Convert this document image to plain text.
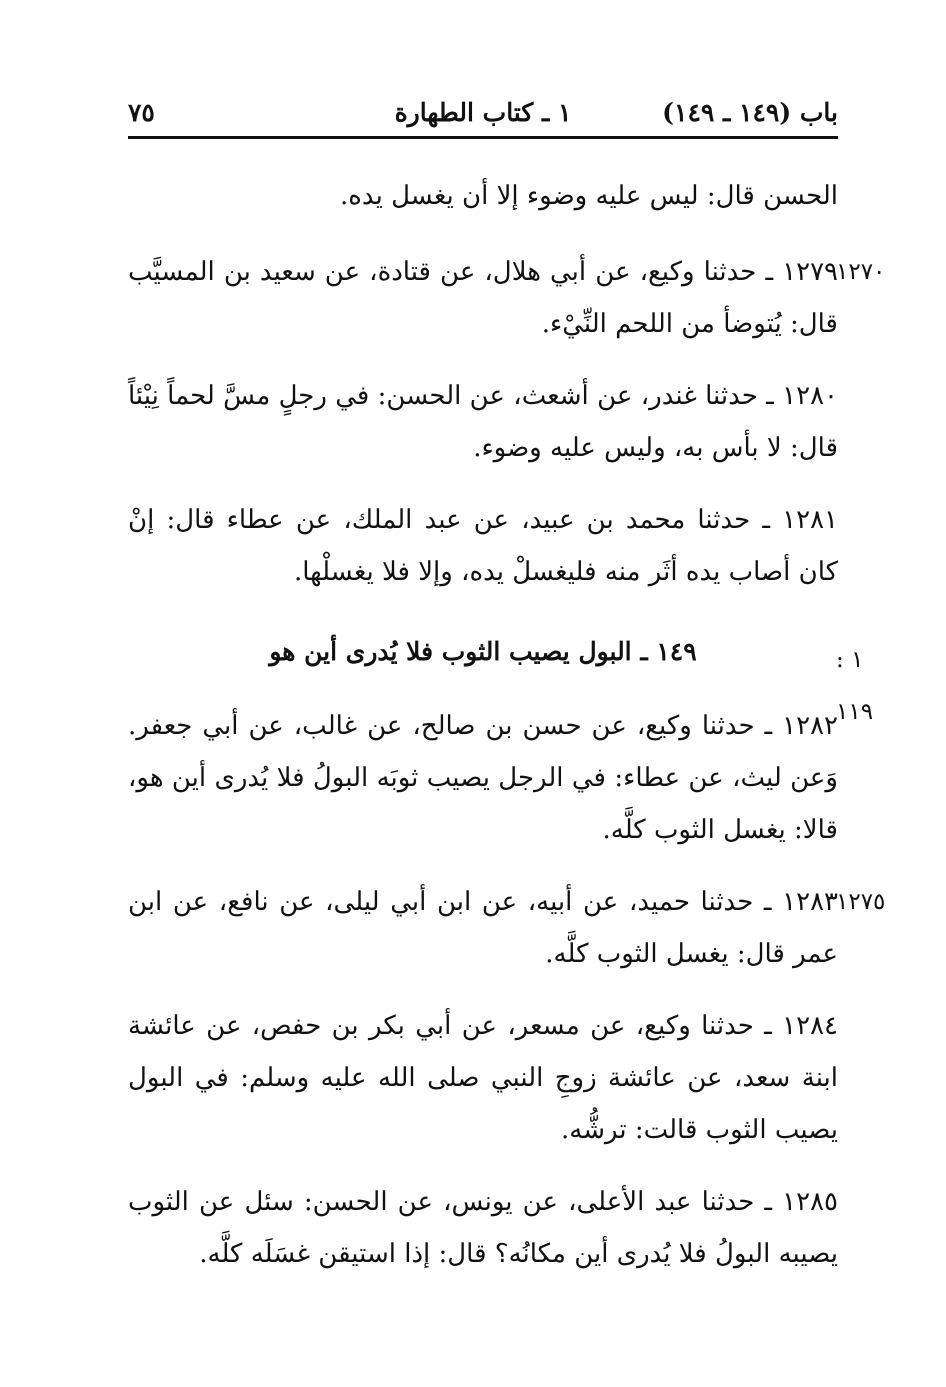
باب (١٤٩ ـ ١٤٩)
١ ـ كتاب الطهارة
٧٥
الحسن قال: ليس عليه وضوء إلا أن يغسل يده.
١٢٧٠
١٢٧٩ ـ حدثنا وكيع، عن أبي هلال، عن قتادة، عن سعيد بن المسيَّب قال: يُتوضأ من اللحم النِّيْء.
١٢٨٠ ـ حدثنا غندر، عن أشعث، عن الحسن: في رجلٍ مسَّ لحماً نِيْئاً قال: لا بأس به، وليس عليه وضوء.
١٢٨١ ـ حدثنا محمد بن عبيد، عن عبد الملك، عن عطاء قال: إنْ كان أصاب يده أثَر منه فليغسلْ يده، وإلا فلا يغسلْها.
١٤٩ ـ البول يصيب الثوب فلا يُدرى أين هو	١ : ١١٩
١٢٨٢ ـ حدثنا وكيع، عن حسن بن صالح، عن غالب، عن أبي جعفر. وَعن ليث، عن عطاء: في الرجل يصيب ثوبَه البولُ فلا يُدرى أين هو، قالا: يغسل الثوب كلَّه.
١٢٧٥
١٢٨٣ ـ حدثنا حميد، عن أبيه، عن ابن أبي ليلى، عن نافع، عن ابن عمر قال: يغسل الثوب كلَّه.
١٢٨٤ ـ حدثنا وكيع، عن مسعر، عن أبي بكر بن حفص، عن عائشة ابنة سعد، عن عائشة زوجِ النبي صلى الله عليه وسلم: في البول يصيب الثوب قالت: ترشُّه.
١٢٨٥ ـ حدثنا عبد الأعلى، عن يونس، عن الحسن: سئل عن الثوب يصيبه البولُ فلا يُدرى أين مكانُه؟ قال: إذا استيقن غسَلَه كلَّه.
